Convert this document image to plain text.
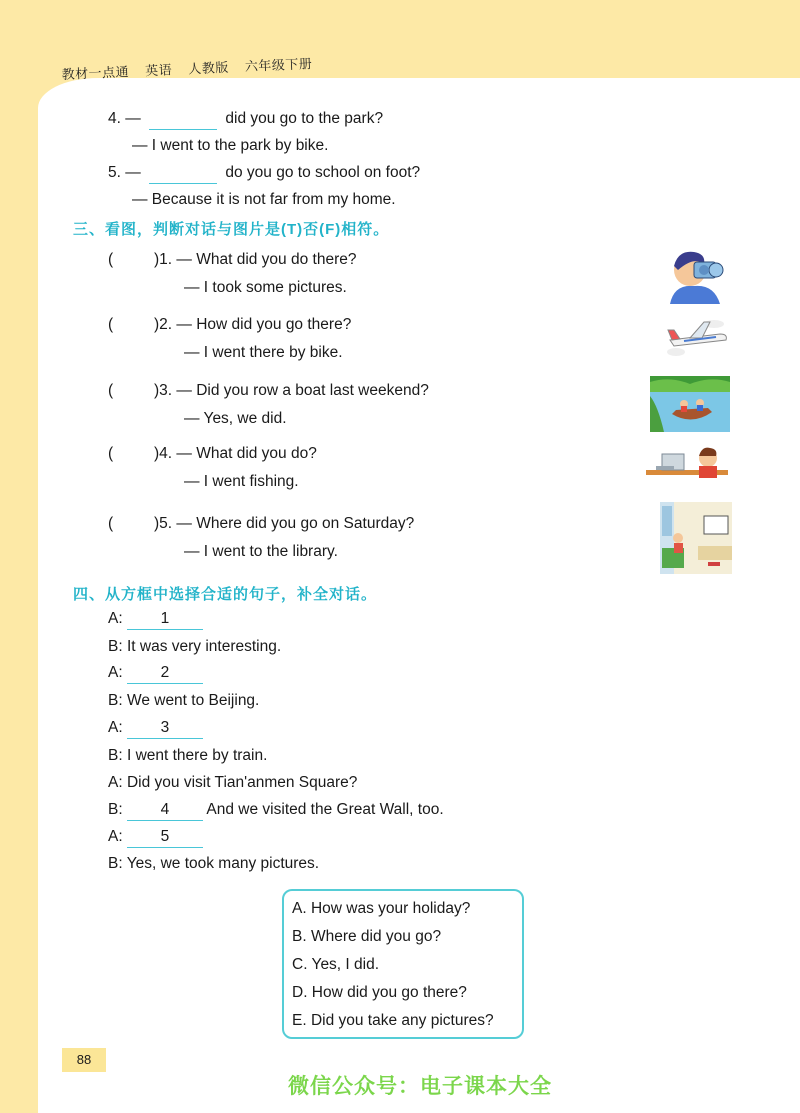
教材一点通 英语 人教版 六年级下册
4. —	did you go to the park?
— I went to the park by bike.
5. —	do you go to school on foot?
— Because it is not far from my home.
三、看图，判断对话与图片是(T)否(F)相符。
(	)1. — What did you do there?
— I took some pictures.
(	)2. — How did you go there?
— I went there by bike.
(	)3. — Did you row a boat last weekend?
— Yes, we did.
(	)4. — What did you do?
— I went fishing.
(	)5. — Where did you go on Saturday?
— I went to the library.
四、从方框中选择合适的句子，补全对话。
A: 1
B: It was very interesting.
A: 2
B: We went to Beijing.
A: 3
B: I went there by train.
A: Did you visit Tian'anmen Square?
B: 4 And we visited the Great Wall, too.
A: 5
B: Yes, we took many pictures.
A. How was your holiday?
B. Where did you go?
C. Yes, I did.
D. How did you go there?
E. Did you take any pictures?
88
微信公众号：电子课本大全
